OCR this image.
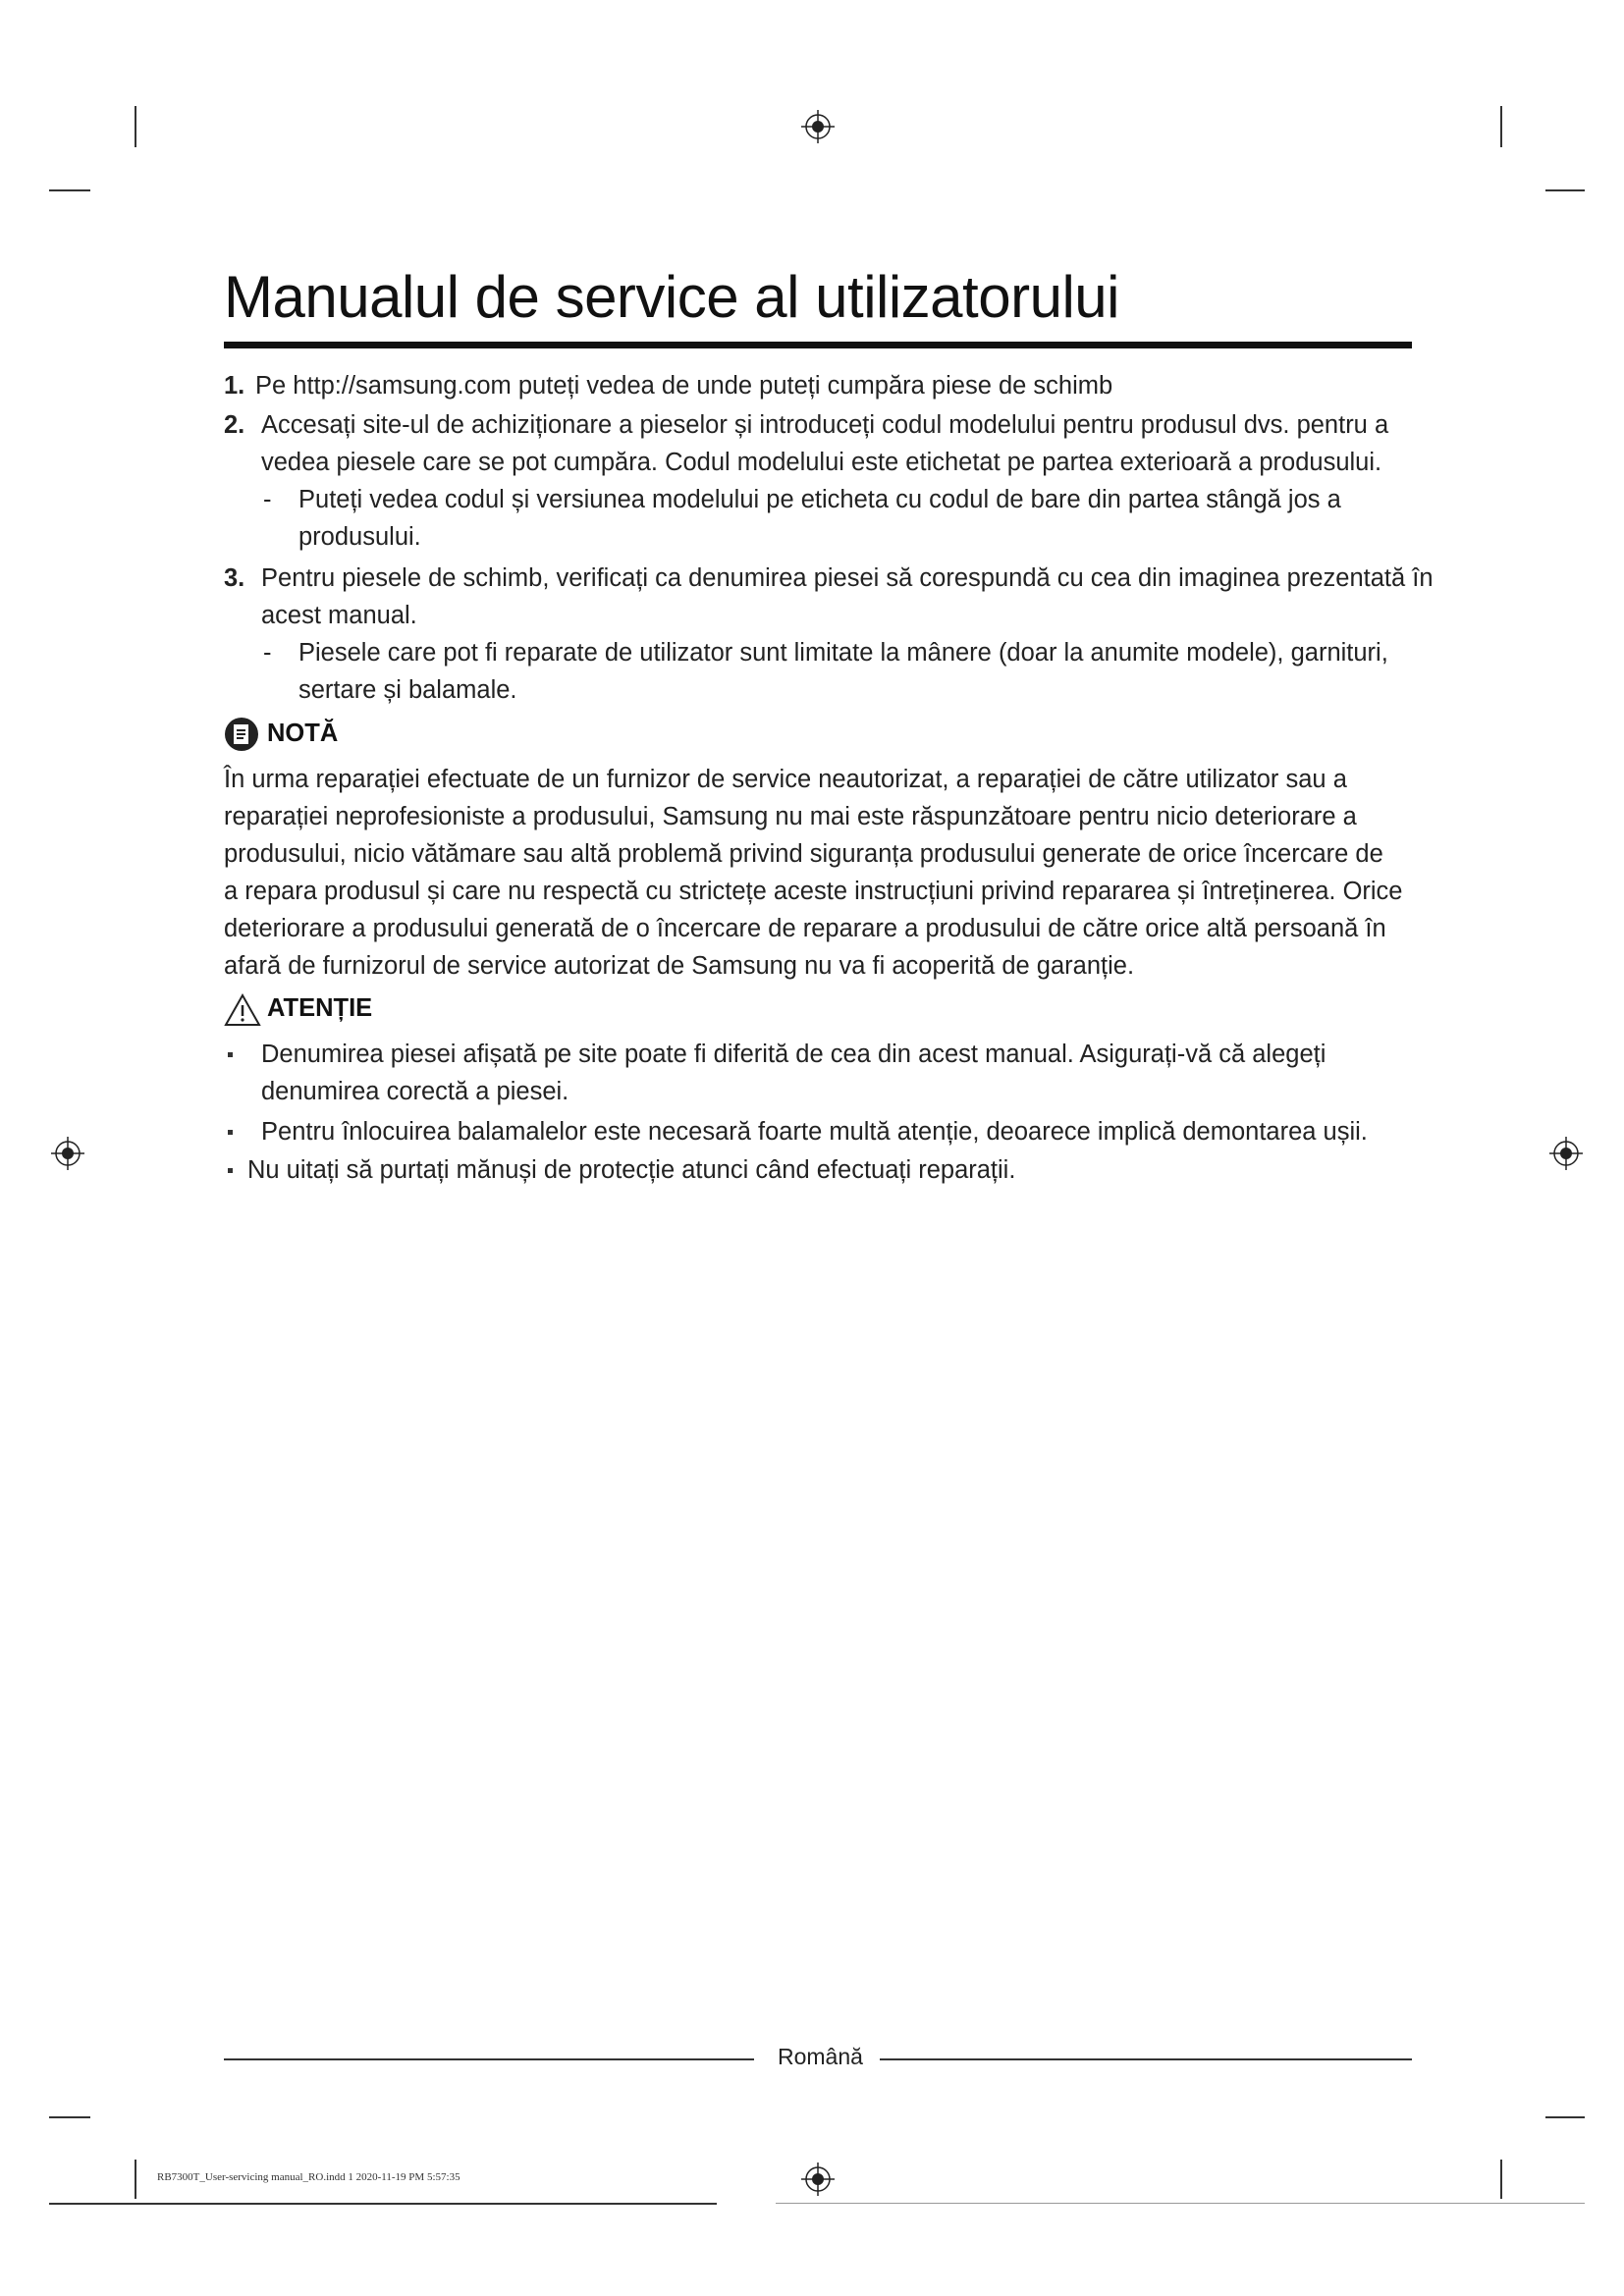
Manualul de service al utilizatorului
1. Pe http://samsung.com puteți vedea de unde puteți cumpăra piese de schimb
2. Accesați site-ul de achiziționare a pieselor și introduceți codul modelului pentru produsul dvs. pentru a
vedea piesele care se pot cumpăra. Codul modelului este etichetat pe partea exterioară a produsului.
- Puteți vedea codul și versiunea modelului pe eticheta cu codul de bare din partea stângă jos a
produsului.
3. Pentru piesele de schimb, verificați ca denumirea piesei să corespundă cu cea din imaginea prezentată în
acest manual.
- Piesele care pot fi reparate de utilizator sunt limitate la mânere (doar la anumite modele), garnituri,
sertare și balamale.
NOTĂ
În urma reparației efectuate de un furnizor de service neautorizat, a reparației de către utilizator sau a
reparației neprofesioniste a produsului, Samsung nu mai este răspunzătoare pentru nicio deteriorare a
produsului, nicio vătămare sau altă problemă privind siguranța produsului generate de orice încercare de
a repara produsul și care nu respectă cu strictețe aceste instrucțiuni privind repararea și întreținerea. Orice
deteriorare a produsului generată de o încercare de reparare a produsului de către orice altă persoană în
afară de furnizorul de service autorizat de Samsung nu va fi acoperită de garanție.
ATENȚIE
Denumirea piesei afișată pe site poate fi diferită de cea din acest manual. Asigurați-vă că alegeți
denumirea corectă a piesei.
Pentru înlocuirea balamalelor este necesară foarte multă atenție, deoarece implică demontarea ușii.
Nu uitați să purtați mănuși de protecție atunci când efectuați reparații.
Română
RB7300T_User-servicing manual_RO.indd 1 2020-11-19 PM 5:57:35
